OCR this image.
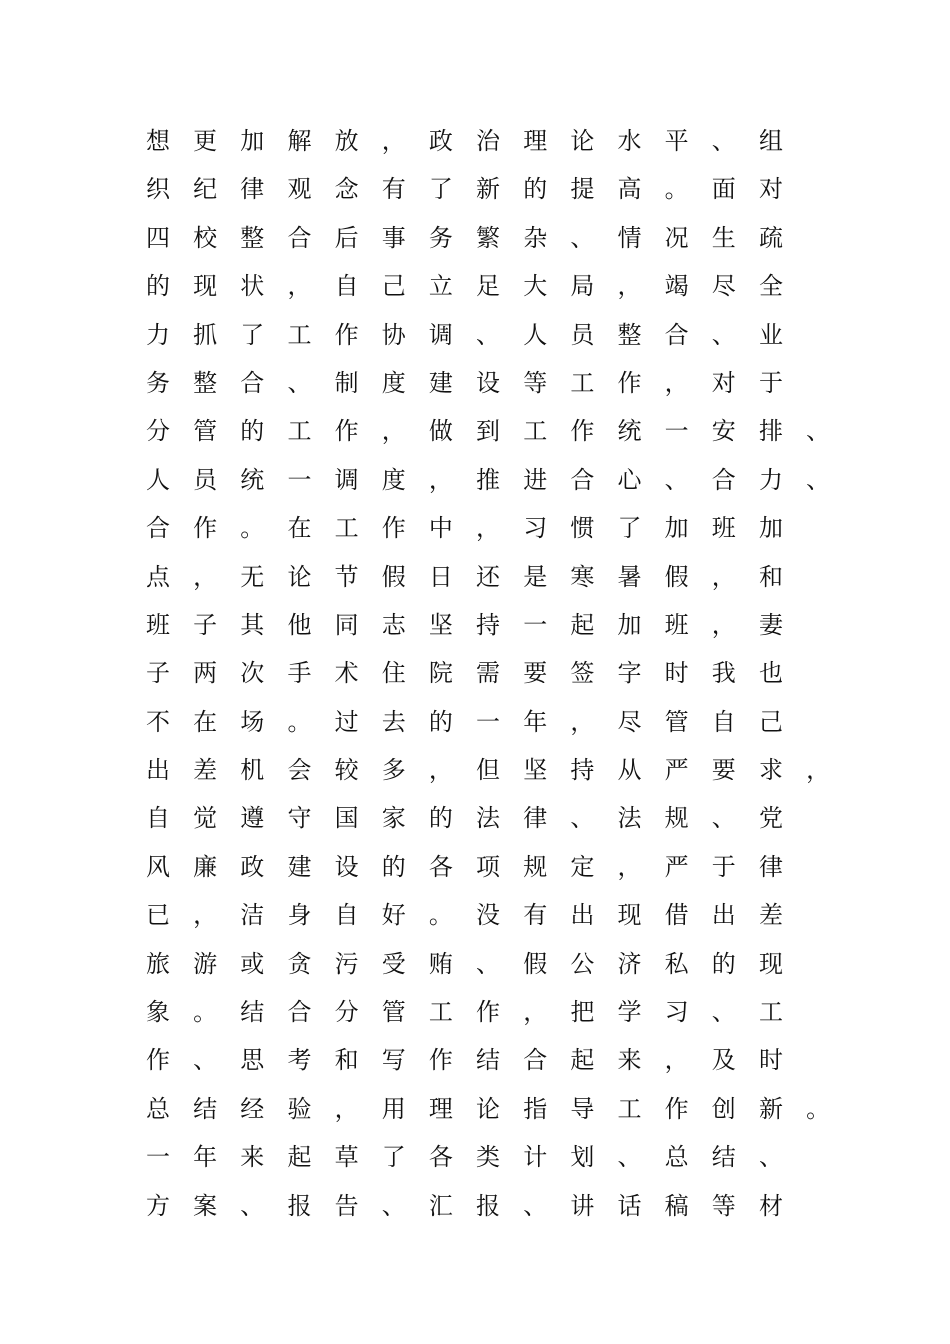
想 更 加 解 放 ， 政 治 理 论 水 平 、 组
织 纪 律 观 念 有 了 新 的 提 高 。 面 对
四 校 整 合 后 事 务 繁 杂 、 情 况 生 疏
的 现 状 ， 自 己 立 足 大 局 ， 竭 尽 全
力 抓 了 工 作 协 调 、 人 员 整 合 、 业
务 整 合 、 制 度 建 设 等 工 作 ， 对 于
分 管 的 工 作 ， 做 到 工 作 统 一 安 排 、
人 员 统 一 调 度 ， 推 进 合 心 、 合 力 、
合 作 。 在 工 作 中 ， 习 惯 了 加 班 加
点 ， 无 论 节 假 日 还 是 寒 暑 假 ， 和
班 子 其 他 同 志 坚 持 一 起 加 班 ， 妻
子 两 次 手 术 住 院 需 要 签 字 时 我 也
不 在 场 。 过 去 的 一 年 ， 尽 管 自 己
出 差 机 会 较 多 ， 但 坚 持 从 严 要 求 ，
自 觉 遵 守 国 家 的 法 律 、 法 规 、 党
风 廉 政 建 设 的 各 项 规 定 ， 严 于 律
已 ， 洁 身 自 好 。 没 有 出 现 借 出 差
旅 游 或 贪 污 受 贿 、 假 公 济 私 的 现
象 。 结 合 分 管 工 作 ， 把 学 习 、 工
作 、 思 考 和 写 作 结 合 起 来 ， 及 时
总 结 经 验 ， 用 理 论 指 导 工 作 创 新 。
一 年 来 起 草 了 各 类 计 划 、 总 结 、
方 案 、 报 告 、 汇 报 、 讲 话 稿 等 材
